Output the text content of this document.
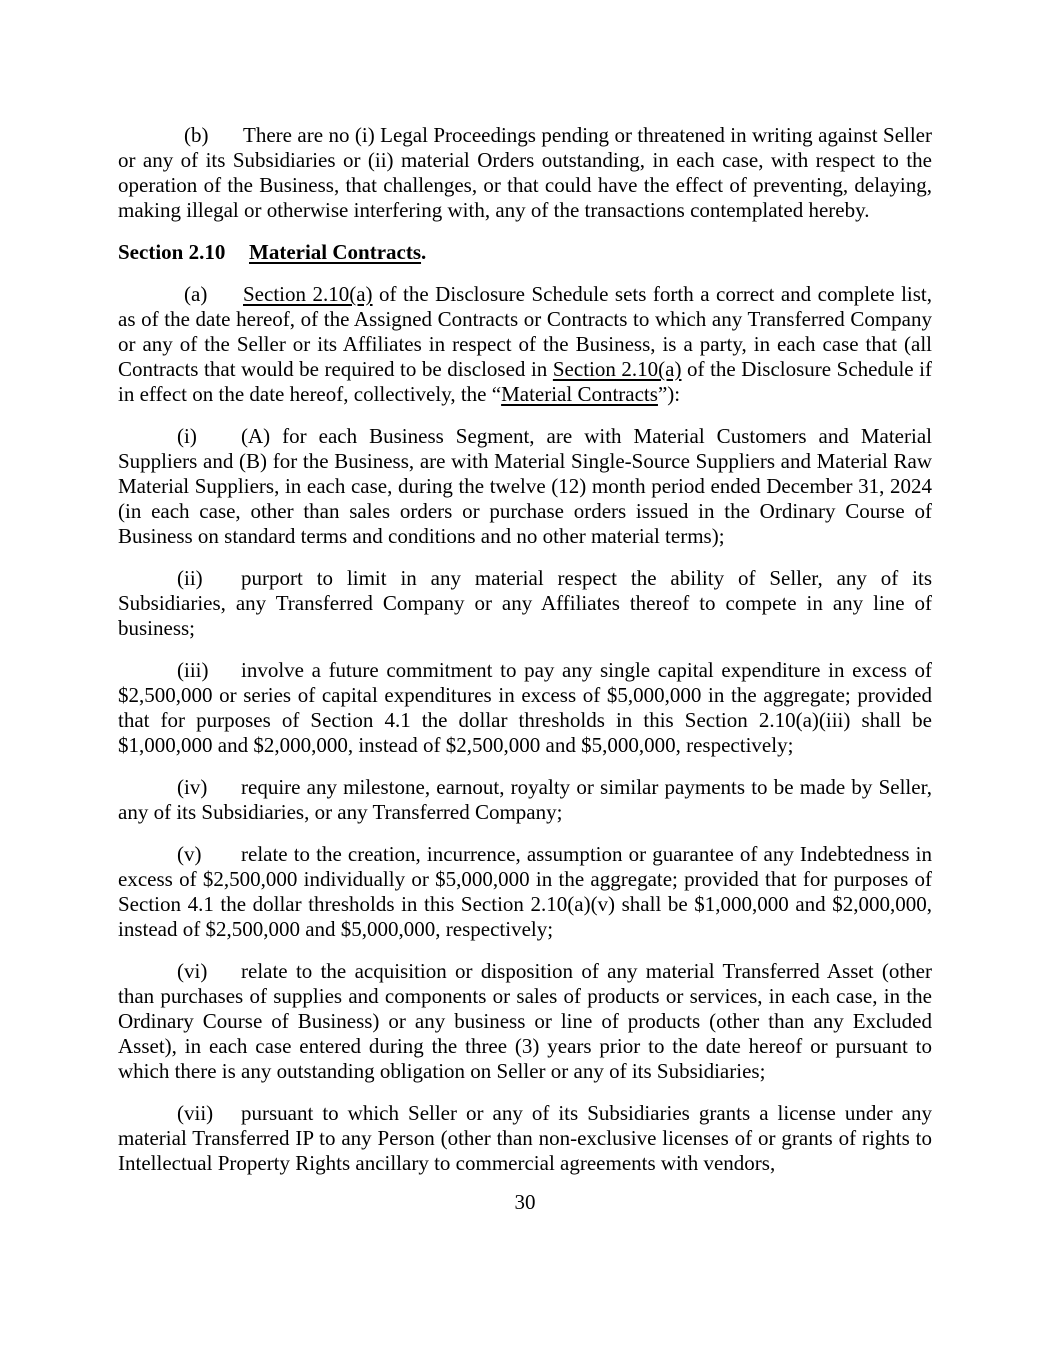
(b) There are no (i) Legal Proceedings pending or threatened in writing against Seller or any of its Subsidiaries or (ii) material Orders outstanding, in each case, with respect to the operation of the Business, that challenges, or that could have the effect of preventing, delaying, making illegal or otherwise interfering with, any of the transactions contemplated hereby.

Section 2.10 Material Contracts.

(a) Section 2.10(a) of the Disclosure Schedule sets forth a correct and complete list, as of the date hereof, of the Assigned Contracts or Contracts to which any Transferred Company or any of the Seller or its Affiliates in respect of the Business, is a party, in each case that (all Contracts that would be required to be disclosed in Section 2.10(a) of the Disclosure Schedule if in effect on the date hereof, collectively, the “Material Contracts”):

(i) (A) for each Business Segment, are with Material Customers and Material Suppliers and (B) for the Business, are with Material Single-Source Suppliers and Material Raw Material Suppliers, in each case, during the twelve (12) month period ended December 31, 2024 (in each case, other than sales orders or purchase orders issued in the Ordinary Course of Business on standard terms and conditions and no other material terms);

(ii) purport to limit in any material respect the ability of Seller, any of its Subsidiaries, any Transferred Company or any Affiliates thereof to compete in any line of business;

(iii) involve a future commitment to pay any single capital expenditure in excess of $2,500,000 or series of capital expenditures in excess of $5,000,000 in the aggregate; provided that for purposes of Section 4.1 the dollar thresholds in this Section 2.10(a)(iii) shall be $1,000,000 and $2,000,000, instead of $2,500,000 and $5,000,000, respectively;

(iv) require any milestone, earnout, royalty or similar payments to be made by Seller, any of its Subsidiaries, or any Transferred Company;

(v) relate to the creation, incurrence, assumption or guarantee of any Indebtedness in excess of $2,500,000 individually or $5,000,000 in the aggregate; provided that for purposes of Section 4.1 the dollar thresholds in this Section 2.10(a)(v) shall be $1,000,000 and $2,000,000, instead of $2,500,000 and $5,000,000, respectively;

(vi) relate to the acquisition or disposition of any material Transferred Asset (other than purchases of supplies and components or sales of products or services, in each case, in the Ordinary Course of Business) or any business or line of products (other than any Excluded Asset), in each case entered during the three (3) years prior to the date hereof or pursuant to which there is any outstanding obligation on Seller or any of its Subsidiaries;

(vii) pursuant to which Seller or any of its Subsidiaries grants a license under any material Transferred IP to any Person (other than non-exclusive licenses of or grants of rights to Intellectual Property Rights ancillary to commercial agreements with vendors,

30
